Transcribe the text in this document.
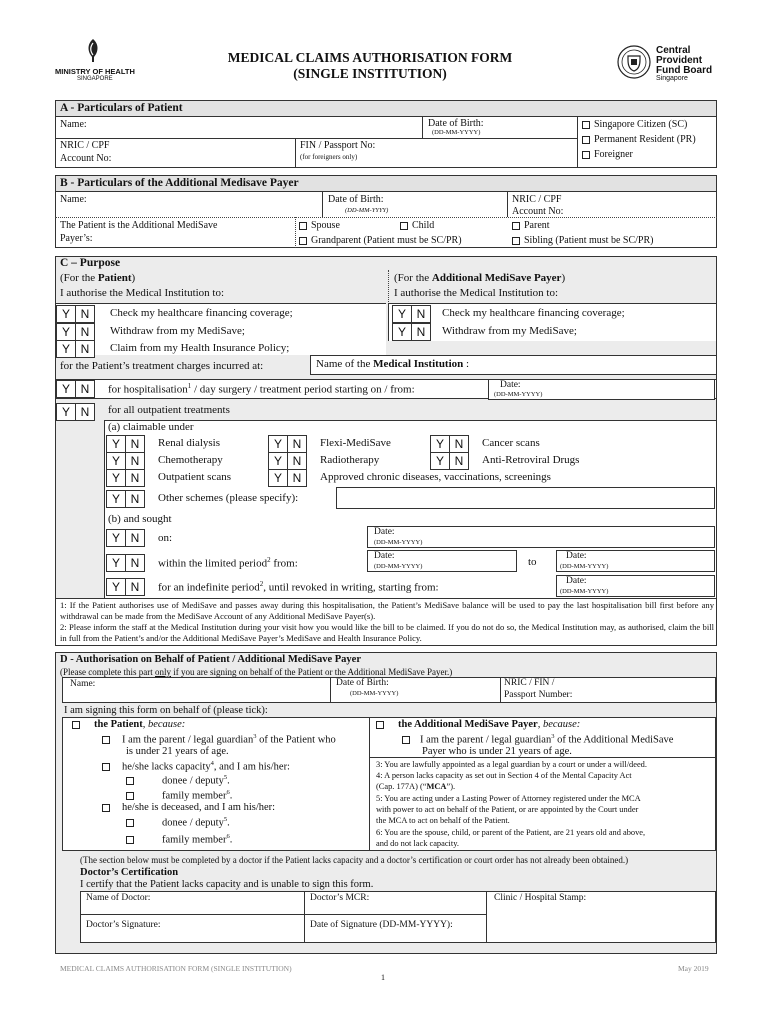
MINISTRY OF HEALTH
SINGAPORE
MEDICAL CLAIMS AUTHORISATION FORM
(SINGLE INSTITUTION)
Central
Provident
Fund Board
Singapore
A - Particulars of Patient
Name:	Date of Birth:
(DD-MM-YYYY)
NRIC / CPF
Account No:
FIN / Passport No:
(for foreigners only)
Singapore Citizen (SC)
Permanent Resident (PR)
Foreigner
B - Particulars of the Additional Medisave Payer
Name:	Date of Birth:
(DD-MM-YYYY)
NRIC / CPF
Account No:
The Patient is the Additional MediSave
Payer’s:
Spouse	Child	Parent
Grandparent (Patient must be SC/PR)	Sibling (Patient must be SC/PR)
C – Purpose
(For the Patient)
I authorise the Medical Institution to:
(For the Additional MediSave Payer)
I authorise the Medical Institution to:
Y N	Check my healthcare financing coverage;
Y N	Withdraw from my MediSave;
Y N	Claim from my Health Insurance Policy;
Y N	Check my healthcare financing coverage;
Y N	Withdraw from my MediSave;
for the Patient’s treatment charges incurred at:	Name of the Medical Institution :
Y N	for hospitalisation$^1$ / day surgery / treatment period starting on / from:	Date:
(DD-MM-YYYY)
Y N	for all outpatient treatments
(a) claimable under
Y N	Renal dialysis
Y N	Chemotherapy
Y N	Outpatient scans
Y N	Flexi-MediSave
Y N	Radiotherapy
Y N	Approved chronic diseases, vaccinations, screenings
Y N	Cancer scans
Y N	Anti-Retroviral Drugs
Y N	Other schemes (please specify):
(b) and sought
Y N	on:	Date:
(DD-MM-YYYY)
Y N	within the limited period$^2$ from:
Date:
(DD-MM-YYYY)	to	Date:
(DD-MM-YYYY)
Y N	for an indefinite period$^2$, until revoked in writing, starting from:
Date:
(DD-MM-YYYY)
1: If the Patient authorises use of MediSave and passes away during this hospitalisation, the Patient’s MediSave balance will be used to pay the last hospitalisation bill first before any withdrawal can be made from the MediSave Account of any Additional MediSave Payer(s).
2: Please inform the staff at the Medical Institution during your visit how you would like the bill to be claimed. If you do not do so, the Medical Institution may, as authorised, claim the bill in full from the Patient’s and/or the Additional MediSave Payer’s MediSave and Health Insurance Policy.
D - Authorisation on Behalf of Patient / Additional MediSave Payer
(Please complete this part only if you are signing on behalf of the Patient or the Additional MediSave Payer.)
Name:	Date of Birth:
(DD-MM-YYYY)
NRIC / FIN /
Passport Number:
I am signing this form on behalf of (please tick):
the Patient, because:
I am the parent / legal guardian$^3$ of the Patient who
is under 21 years of age.
he/she lacks capacity$^4$, and I am his/her:
donee / deputy$^5$.
family member$^6$.
he/she is deceased, and I am his/her:
donee / deputy$^5$.
family member$^6$.
the Additional MediSave Payer, because:
I am the parent / legal guardian$^3$ of the Additional MediSave
Payer who is under 21 years of age.
3: You are lawfully appointed as a legal guardian by a court or under a will/deed.
4: A person lacks capacity as set out in Section 4 of the Mental Capacity Act
(Cap. 177A) (“MCA”).
5: You are acting under a Lasting Power of Attorney registered under the MCA
with power to act on behalf of the Patient, or are appointed by the Court under
the MCA to act on behalf of the Patient.
6: You are the spouse, child, or parent of the Patient, are 21 years old and above,
and do not lack capacity.
(The section below must be completed by a doctor if the Patient lacks capacity and a doctor’s certification or court order has not already been obtained.)
Doctor’s Certification
I certify that the Patient lacks capacity and is unable to sign this form.
Name of Doctor:	Doctor’s MCR:	Clinic / Hospital Stamp:
Doctor’s Signature:	Date of Signature (DD-MM-YYYY):
MEDICAL CLAIMS AUTHORISATION FORM (SINGLE INSTITUTION)	May 2019
1
